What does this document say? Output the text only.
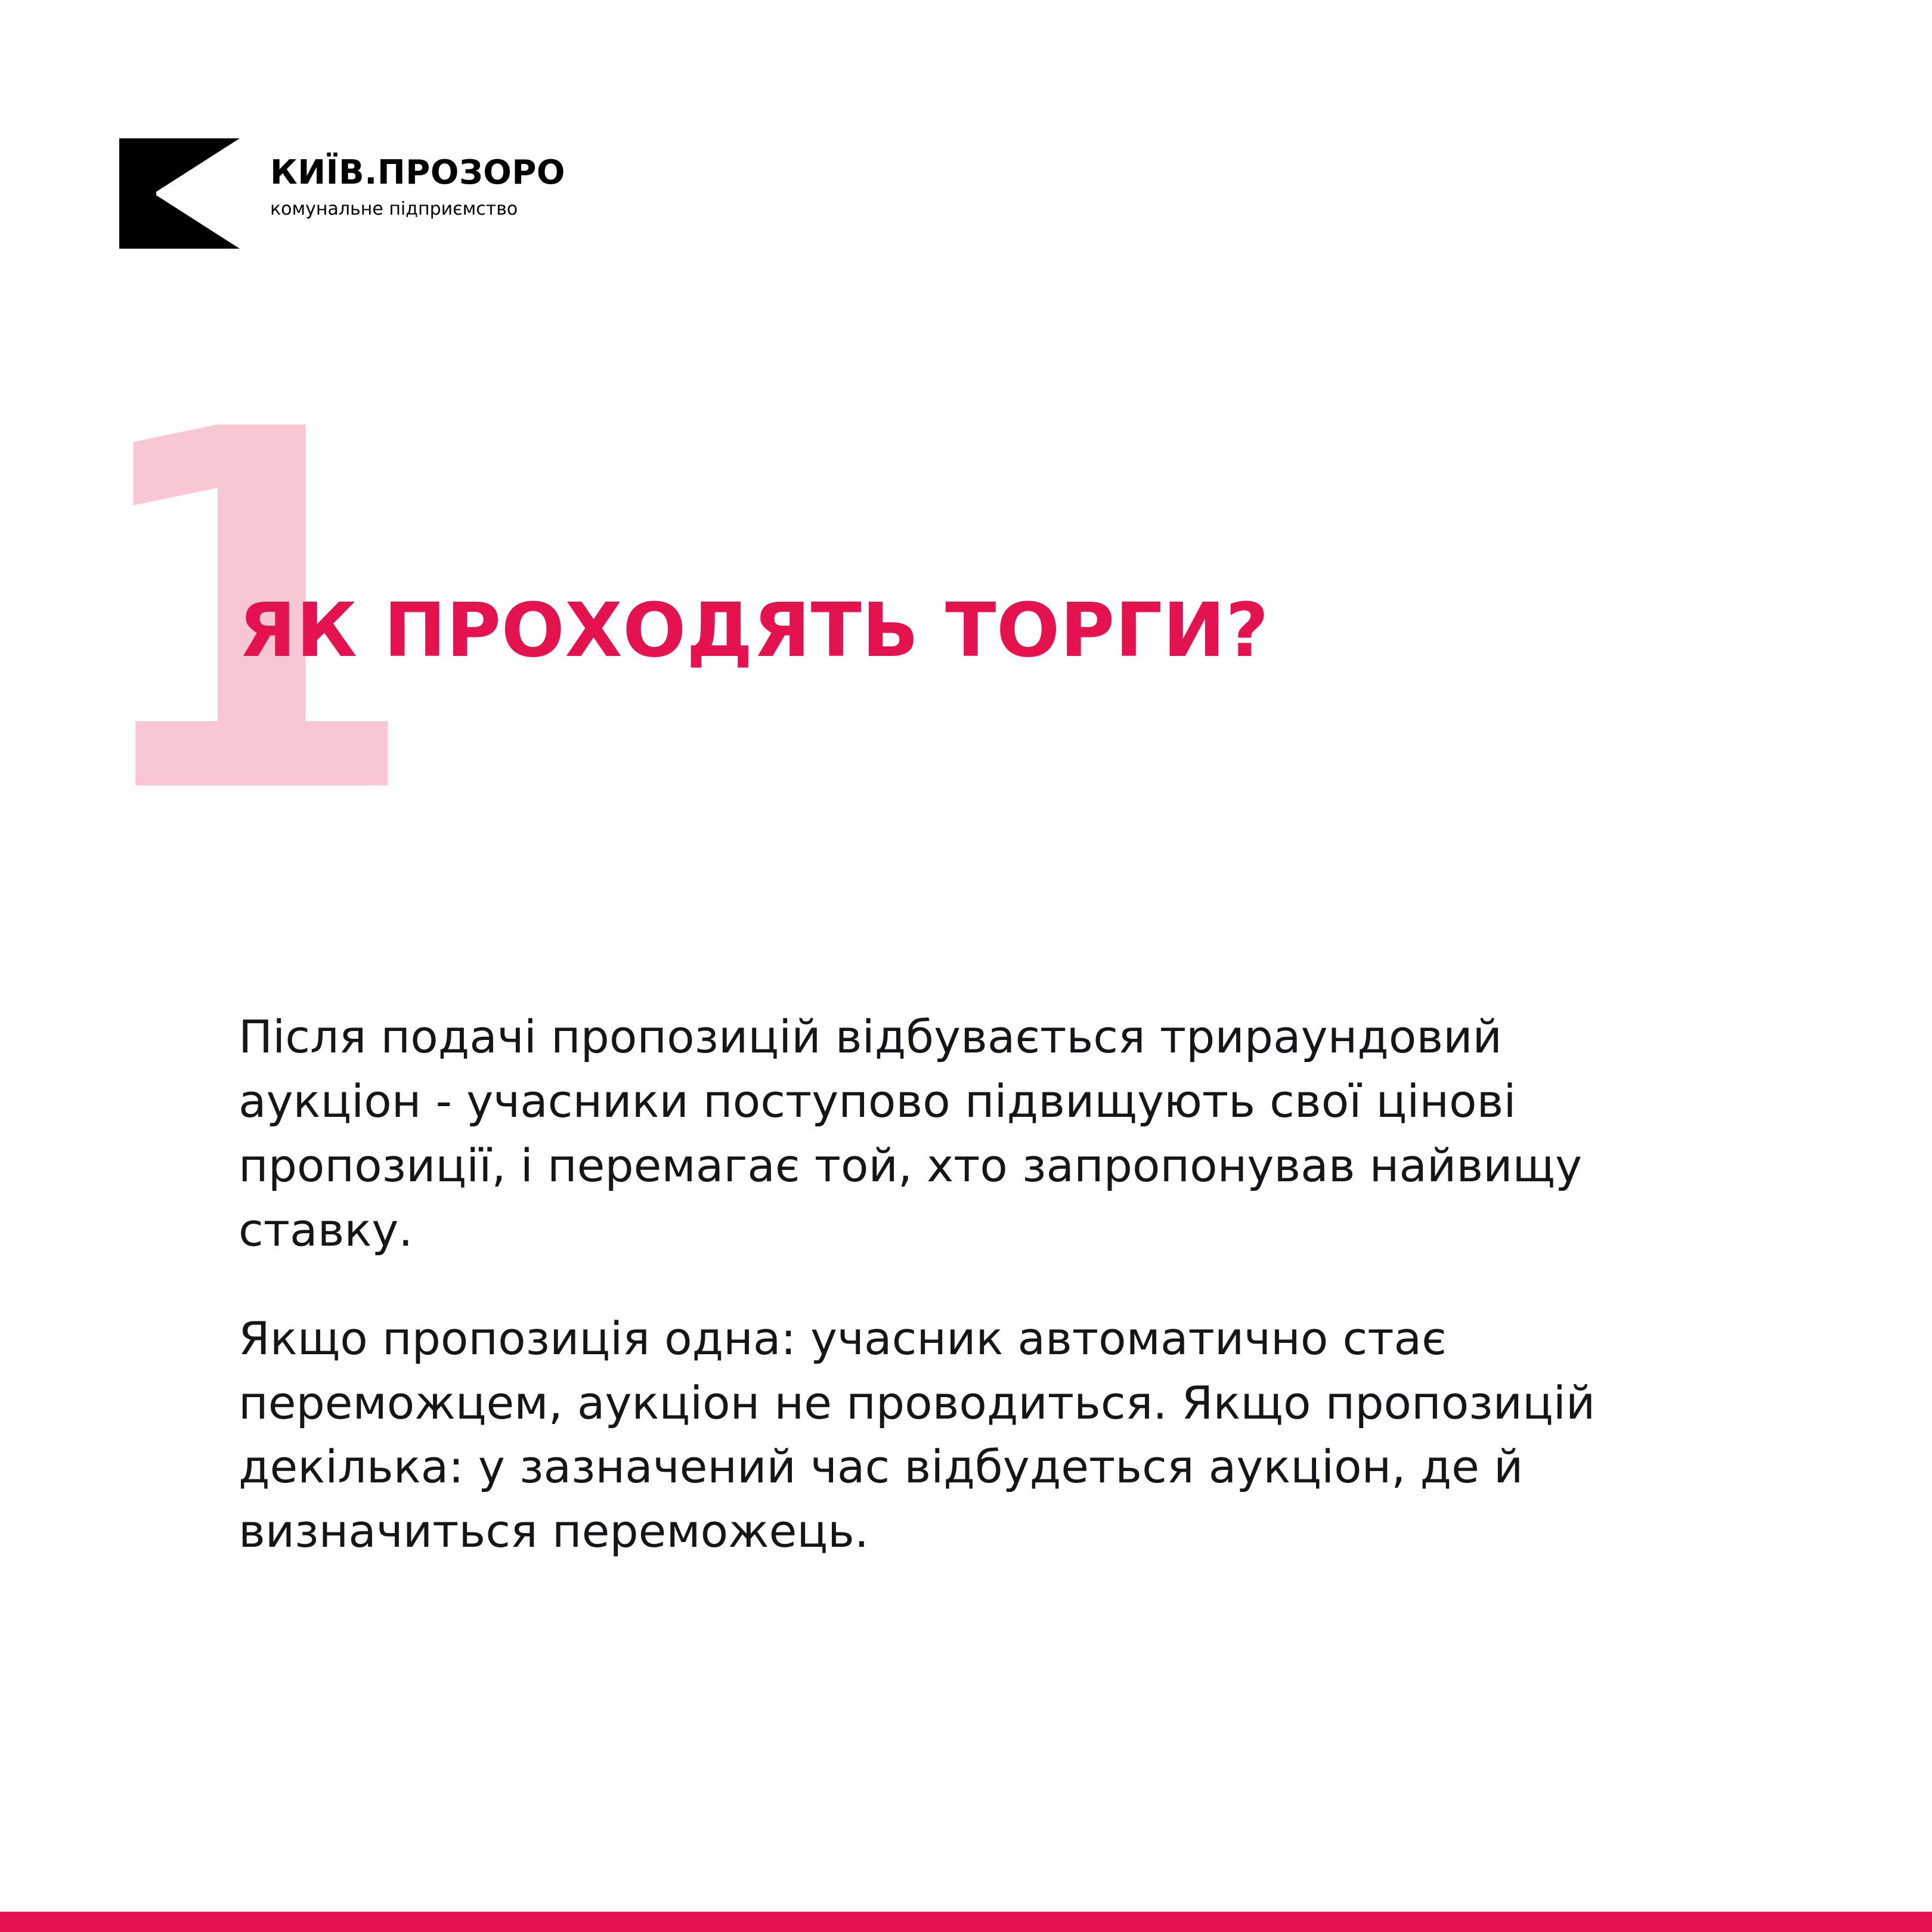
КИЇВ.ПРОЗОРО
комунальне підприємство
1
ЯК ПРОХОДЯТЬ ТОРГИ?

Після подачі пропозицій відбувається трираундовий аукціон - учасники поступово підвищують свої цінові пропозиції, і перемагає той, хто запропонував найвищу ставку.

Якщо пропозиція одна: учасник автоматично стає переможцем, аукціон не проводиться. Якщо пропозицій декілька: у зазначений час відбудеться аукціон, де й визначиться переможець.
